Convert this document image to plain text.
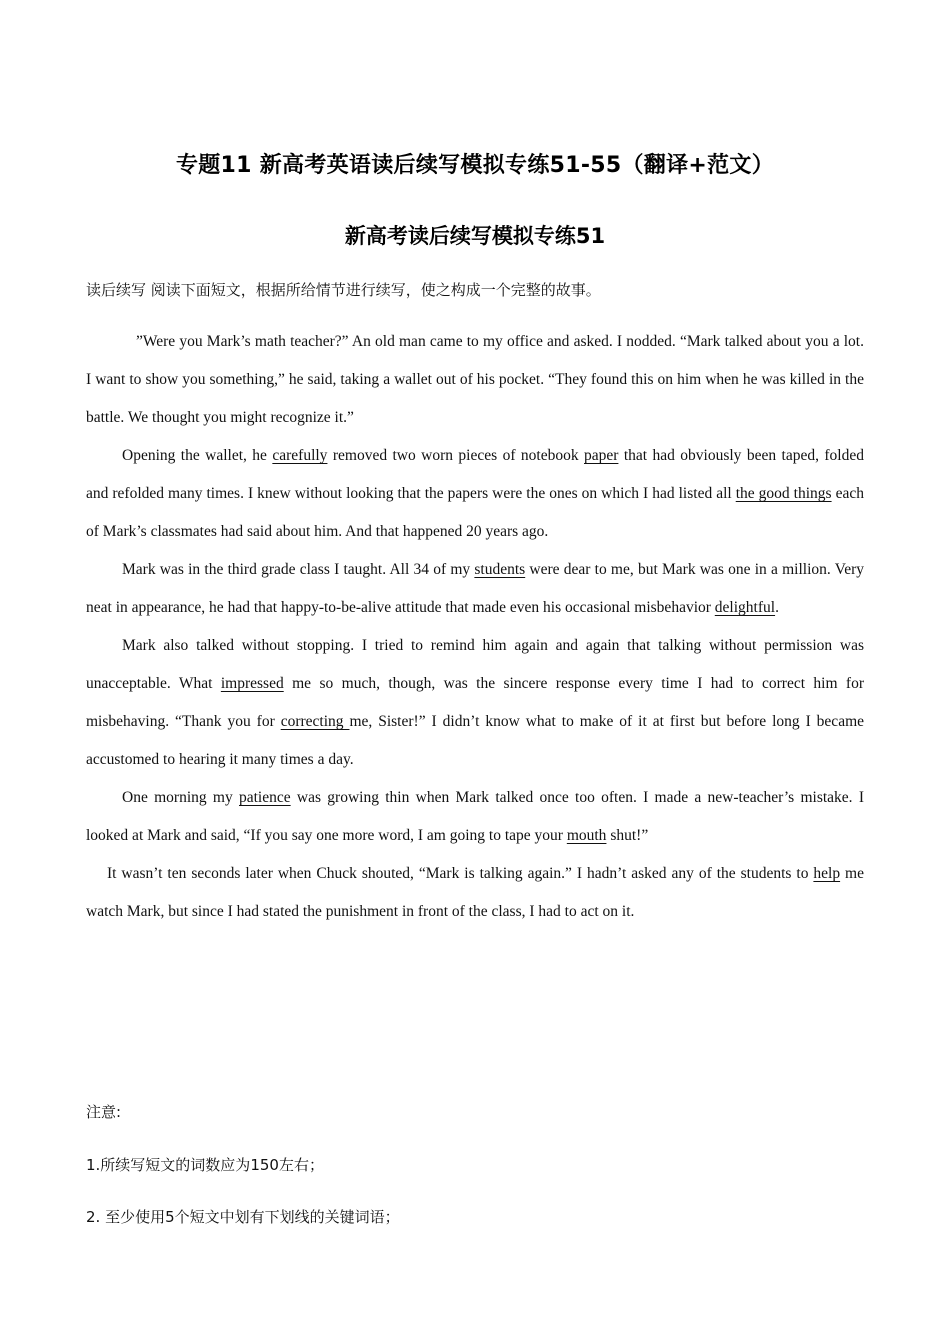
专题11 新高考英语读后续写模拟专练51-55（翻译+范文）
新高考读后续写模拟专练51
读后续写 阅读下面短文，根据所给情节进行续写，使之构成一个完整的故事。

”Were you Mark’s math teacher?” An old man came to my office and asked. I nodded. “Mark talked about you a lot. I want to show you something,” he said, taking a wallet out of his pocket. “They found this on him when he was killed in the battle. We thought you might recognize it.”

Opening the wallet, he carefully removed two worn pieces of notebook paper that had obviously been taped, folded and refolded many times. I knew without looking that the papers were the ones on which I had listed all the good things each of Mark’s classmates had said about him. And that happened 20 years ago.

Mark was in the third grade class I taught. All 34 of my students were dear to me, but Mark was one in a million. Very neat in appearance, he had that happy-to-be-alive attitude that made even his occasional misbehavior delightful.

Mark also talked without stopping. I tried to remind him again and again that talking without permission was unacceptable. What impressed me so much, though, was the sincere response every time I had to correct him for misbehaving. “Thank you for correcting me, Sister!” I didn’t know what to make of it at first but before long I became accustomed to hearing it many times a day.

One morning my patience was growing thin when Mark talked once too often. I made a new-teacher’s mistake. I looked at Mark and said, “If you say one more word, I am going to tape your mouth shut!”

It wasn’t ten seconds later when Chuck shouted, “Mark is talking again.” I hadn’t asked any of the students to help me watch Mark, but since I had stated the punishment in front of the class, I had to act on it.

注意:
1.所续写短文的词数应为150左右；
2. 至少使用5个短文中划有下划线的关键词语；
